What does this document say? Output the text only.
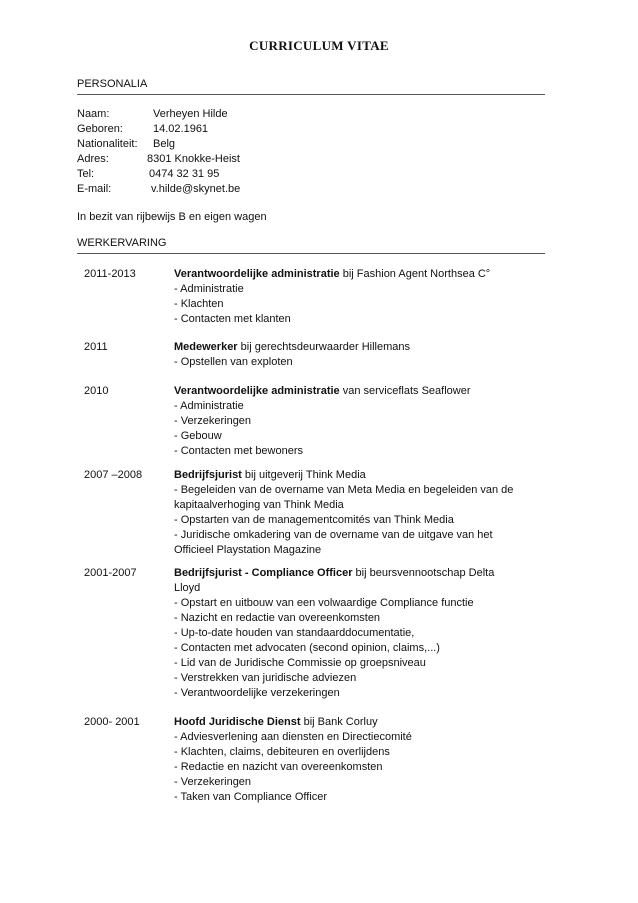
CURRICULUM VITAE
PERSONALIA
Naam:	Verheyen Hilde
Geboren:	14.02.1961
Nationaliteit: Belg
Adres:	8301 Knokke-Heist
Tel:	0474 32 31 95
E-mail:	v.hilde@skynet.be
In bezit van rijbewijs B en eigen wagen
WERKERVARING
2011-2013	Verantwoordelijke administratie bij Fashion Agent Northsea C°
- Administratie
- Klachten
- Contacten met klanten
2011	Medewerker bij gerechtsdeurwaarder Hillemans
- Opstellen van exploten
2010	Verantwoordelijke administratie van serviceflats Seaflower
- Administratie
- Verzekeringen
- Gebouw
- Contacten met bewoners
2007 –2008	Bedrijfsjurist bij uitgeverij Think Media
- Begeleiden van de overname van Meta Media en begeleiden van de
kapitaalverhoging van Think Media
- Opstarten van de managementcomités van Think Media
- Juridische omkadering van de overname van de uitgave van het
Officieel Playstation Magazine
2001-2007	Bedrijfsjurist - Compliance Officer bij beursvennootschap Delta Lloyd
- Opstart en uitbouw van een volwaardige Compliance functie
- Nazicht en redactie van overeenkomsten
- Up-to-date houden van standaarddocumentatie,
- Contacten met advocaten (second opinion, claims,...)
- Lid van de Juridische Commissie op groepsniveau
- Verstrekken van juridische adviezen
- Verantwoordelijke verzekeringen
2000- 2001	Hoofd Juridische Dienst bij Bank Corluy
- Adviesverlening aan diensten en Directiecomité
- Klachten, claims, debiteuren en overlijdens
- Redactie en nazicht van overeenkomsten
- Verzekeringen
- Taken van Compliance Officer
